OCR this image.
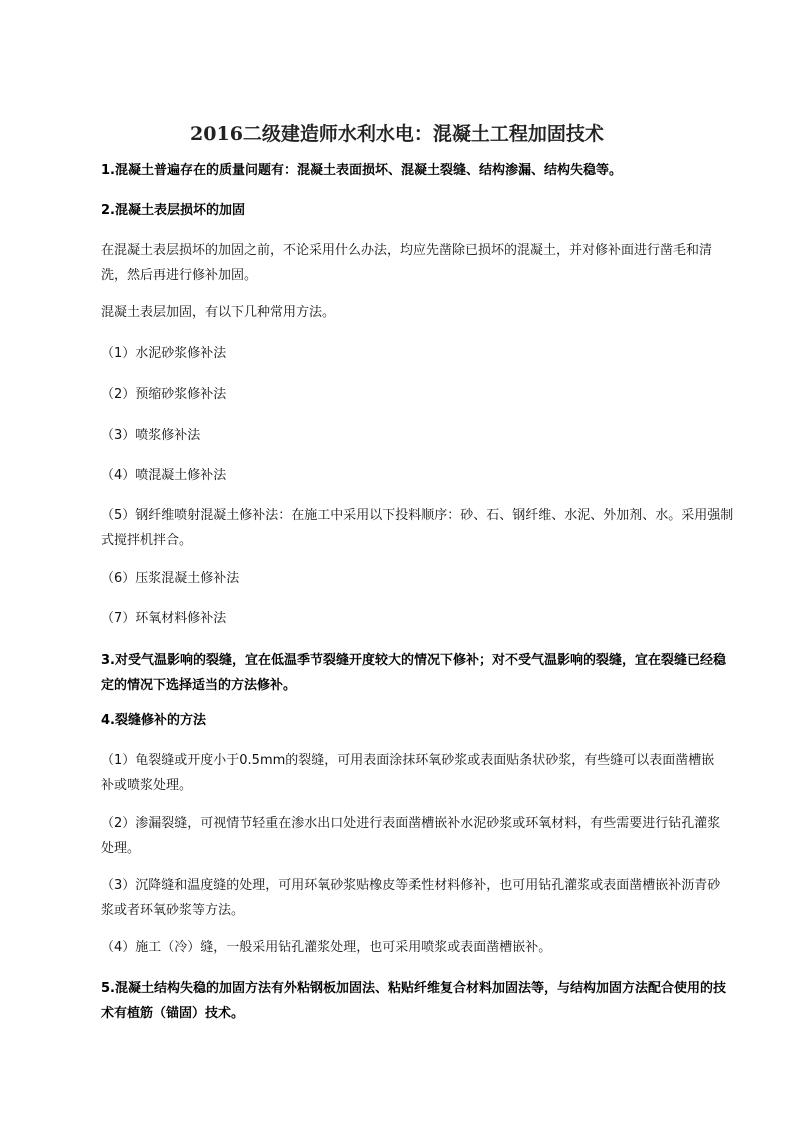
2016二级建造师水利水电：混凝土工程加固技术

1.混凝土普遍存在的质量问题有：混凝土表面损坏、混凝土裂缝、结构渗漏、结构失稳等。

2.混凝土表层损坏的加固

在混凝土表层损坏的加固之前，不论采用什么办法，均应先凿除已损坏的混凝土，并对修补面进行凿毛和清洗，然后再进行修补加固。

混凝土表层加固，有以下几种常用方法。

（1）水泥砂浆修补法

（2）预缩砂浆修补法

（3）喷浆修补法

（4）喷混凝土修补法

（5）钢纤维喷射混凝土修补法：在施工中采用以下投料顺序：砂、石、钢纤维、水泥、外加剂、水。采用强制式搅拌机拌合。

（6）压浆混凝土修补法

（7）环氧材料修补法

3.对受气温影响的裂缝，宜在低温季节裂缝开度较大的情况下修补；对不受气温影响的裂缝，宜在裂缝已经稳定的情况下选择适当的方法修补。

4.裂缝修补的方法

（1）龟裂缝或开度小于0.5mm的裂缝，可用表面涂抹环氧砂浆或表面贴条状砂浆，有些缝可以表面凿槽嵌补或喷浆处理。

（2）渗漏裂缝，可视情节轻重在渗水出口处进行表面凿槽嵌补水泥砂浆或环氧材料，有些需要进行钻孔灌浆处理。

（3）沉降缝和温度缝的处理，可用环氧砂浆贴橡皮等柔性材料修补，也可用钻孔灌浆或表面凿槽嵌补沥青砂浆或者环氧砂浆等方法。

（4）施工（冷）缝，一般采用钻孔灌浆处理，也可采用喷浆或表面凿槽嵌补。

5.混凝土结构失稳的加固方法有外粘钢板加固法、粘贴纤维复合材料加固法等，与结构加固方法配合使用的技术有植筋（锚固）技术。
